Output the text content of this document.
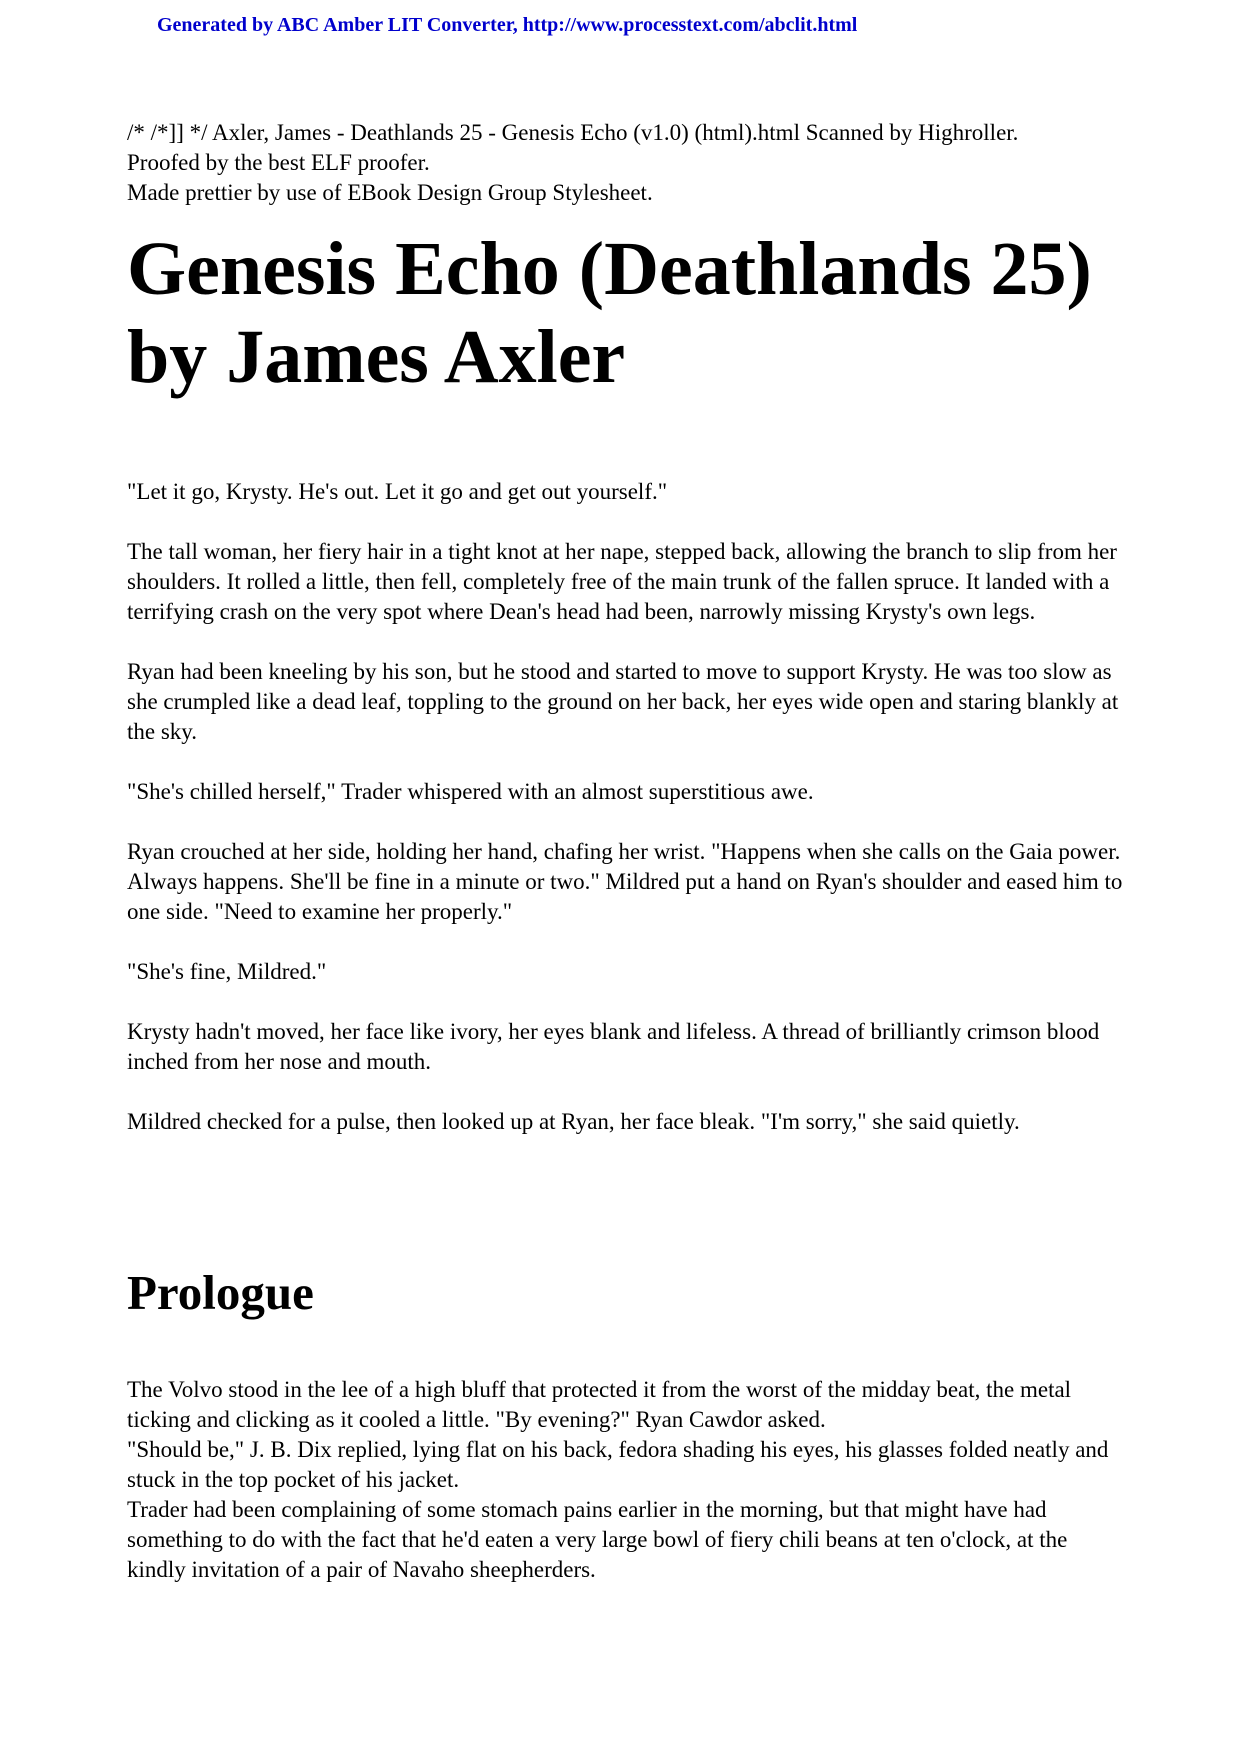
Generated by ABC Amber LIT Converter, http://www.processtext.com/abclit.html

/* /*]] */ Axler, James - Deathlands 25 - Genesis Echo (v1.0) (html).html Scanned by Highroller.

Proofed by the best ELF proofer.

Made prettier by use of EBook Design Group Stylesheet.

Genesis Echo (Deathlands 25)
by James Axler

"Let it go, Krysty. He's out. Let it go and get out yourself."

The tall woman, her fiery hair in a tight knot at her nape, stepped back, allowing the branch to slip from her shoulders. It rolled a little, then fell, completely free of the main trunk of the fallen spruce. It landed with a terrifying crash on the very spot where Dean's head had been, narrowly missing Krysty's own legs.

Ryan had been kneeling by his son, but he stood and started to move to support Krysty. He was too slow as she crumpled like a dead leaf, toppling to the ground on her back, her eyes wide open and staring blankly at the sky.

"She's chilled herself," Trader whispered with an almost superstitious awe.

Ryan crouched at her side, holding her hand, chafing her wrist. "Happens when she calls on the Gaia power. Always happens. She'll be fine in a minute or two." Mildred put a hand on Ryan's shoulder and eased him to one side. "Need to examine her properly."

"She's fine, Mildred."

Krysty hadn't moved, her face like ivory, her eyes blank and lifeless. A thread of brilliantly crimson blood inched from her nose and mouth.

Mildred checked for a pulse, then looked up at Ryan, her face bleak. "I'm sorry," she said quietly.

Prologue

The Volvo stood in the lee of a high bluff that protected it from the worst of the midday beat, the metal ticking and clicking as it cooled a little. "By evening?" Ryan Cawdor asked.

"Should be," J. B. Dix replied, lying flat on his back, fedora shading his eyes, his glasses folded neatly and stuck in the top pocket of his jacket.

Trader had been complaining of some stomach pains earlier in the morning, but that might have had something to do with the fact that he'd eaten a very large bowl of fiery chili beans at ten o'clock, at the kindly invitation of a pair of Navaho sheepherders.
